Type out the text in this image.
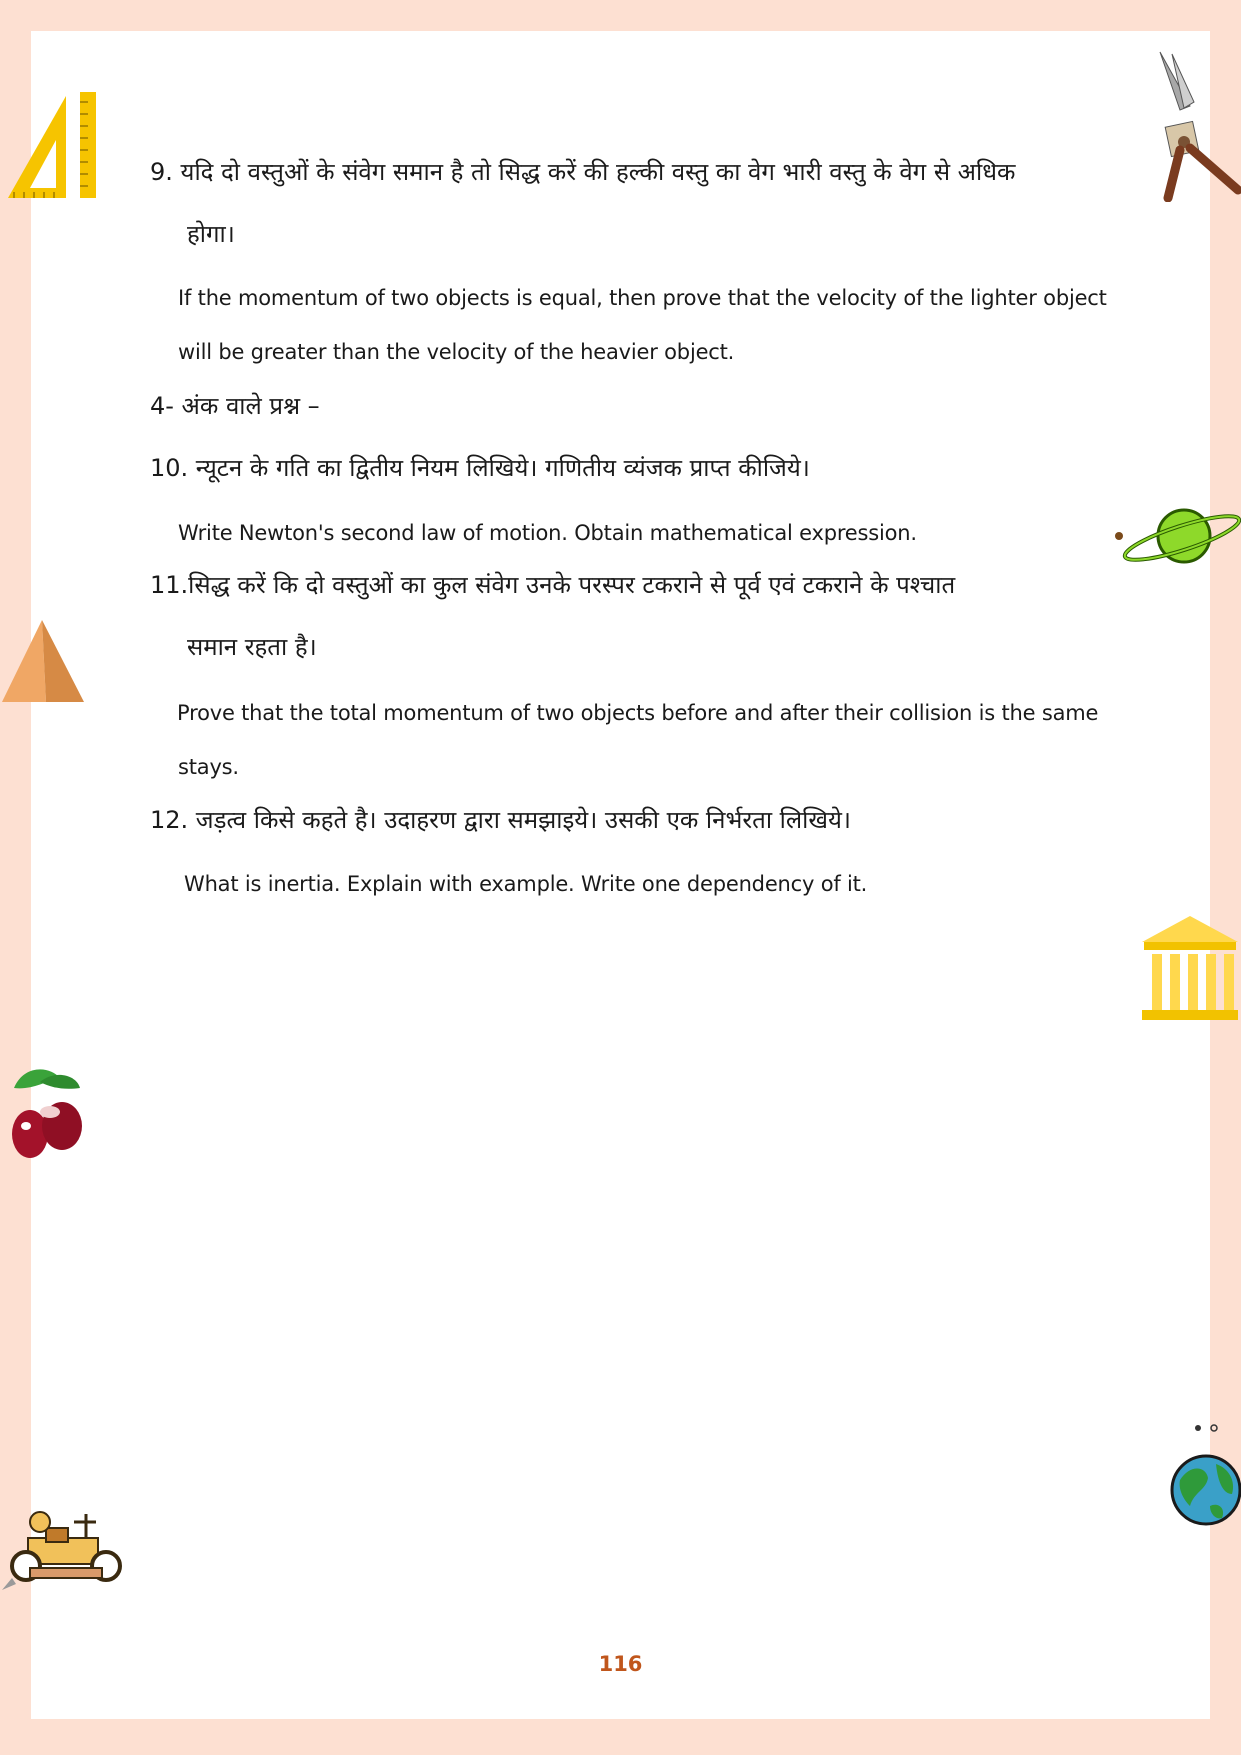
9. यदि दो वस्तुओं के संवेग समान है तो सिद्ध करें की हल्की वस्तु का वेग भारी वस्तु के वेग से अधिक
होगा।
If the momentum of two objects is equal, then prove that the velocity of the lighter object
will be greater than the velocity of the heavier object.
4- अंक वाले प्रश्न –
10. न्यूटन के गति का द्वितीय नियम लिखिये। गणितीय व्यंजक प्राप्त कीजिये।
Write Newton's second law of motion. Obtain mathematical expression.
11.सिद्ध करें कि दो वस्तुओं का कुल संवेग उनके परस्पर टकराने से पूर्व एवं टकराने के पश्चात
समान रहता है।
Prove that the total momentum of two objects before and after their collision is the same
stays.
12. जड़त्व किसे कहते है। उदाहरण द्वारा समझाइये। उसकी एक निर्भरता लिखिये।
What is inertia. Explain with example. Write one dependency of it.
116
